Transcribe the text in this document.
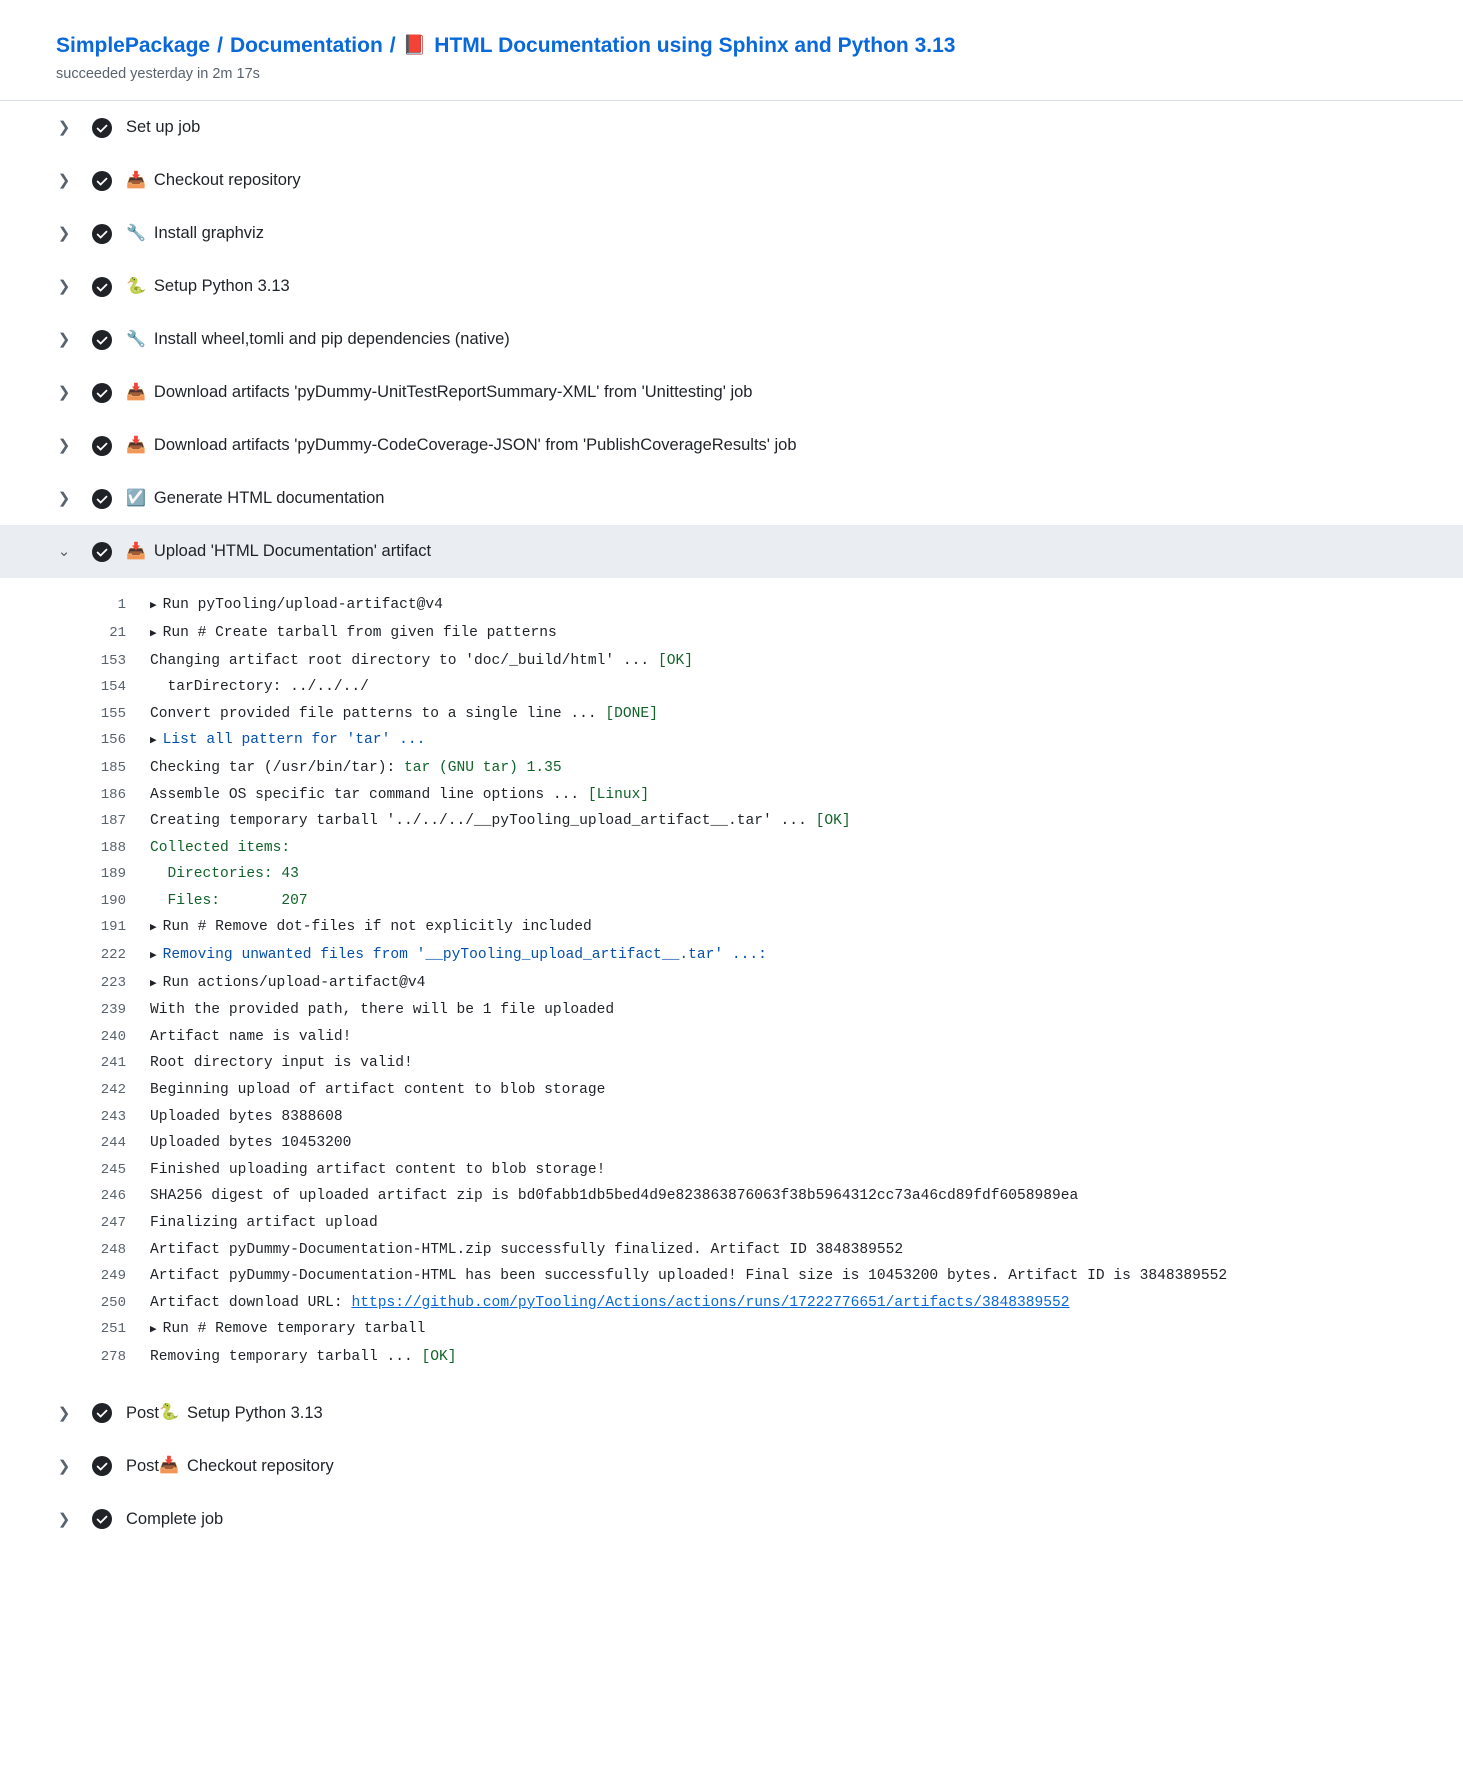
SimplePackage / Documentation / 📕 HTML Documentation using Sphinx and Python 3.13
succeeded yesterday in 2m 17s
❯	Set up job
❯	📥 Checkout repository
❯	🔧 Install graphviz
❯	🐍 Setup Python 3.13
❯	🔧 Install wheel,tomli and pip dependencies (native)
❯	📥 Download artifacts 'pyDummy-UnitTestReportSummary-XML' from 'Unittesting' job
❯	📥 Download artifacts 'pyDummy-CodeCoverage-JSON' from 'PublishCoverageResults' job
❯	☑️ Generate HTML documentation
⌄	📥 Upload 'HTML Documentation' artifact
1 ▶ Run pyTooling/upload-artifact@v4
21 ▶ Run # Create tarball from given file patterns
153 Changing artifact root directory to 'doc/_build/html' ... [OK]
154 tarDirectory: ../../../
155 Convert provided file patterns to a single line ... [DONE]
156 ▶ List all pattern for 'tar' ...
185 Checking tar (/usr/bin/tar): tar (GNU tar) 1.35
186 Assemble OS specific tar command line options ... [Linux]
187 Creating temporary tarball '../../../__pyTooling_upload_artifact__.tar' ... [OK]
188 Collected items:
189 Directories: 43
190 Files:       207
191 ▶ Run # Remove dot-files if not explicitly included
222 ▶ Removing unwanted files from '__pyTooling_upload_artifact__.tar' ...:
223 ▶ Run actions/upload-artifact@v4
239 With the provided path, there will be 1 file uploaded
240 Artifact name is valid!
241 Root directory input is valid!
242 Beginning upload of artifact content to blob storage
243 Uploaded bytes 8388608
244 Uploaded bytes 10453200
245 Finished uploading artifact content to blob storage!
246 SHA256 digest of uploaded artifact zip is bd0fabb1db5bed4d9e823863876063f38b5964312cc73a46cd89fdf6058989ea
247 Finalizing artifact upload
248 Artifact pyDummy-Documentation-HTML.zip successfully finalized. Artifact ID 3848389552
249 Artifact pyDummy-Documentation-HTML has been successfully uploaded! Final size is 10453200 bytes. Artifact ID is 3848389552
250 Artifact download URL: https://github.com/pyTooling/Actions/actions/runs/17222776651/artifacts/3848389552
251 ▶ Run # Remove temporary tarball
278 Removing temporary tarball ... [OK]
❯	Post 🐍 Setup Python 3.13
❯	Post 📥 Checkout repository
❯	Complete job
